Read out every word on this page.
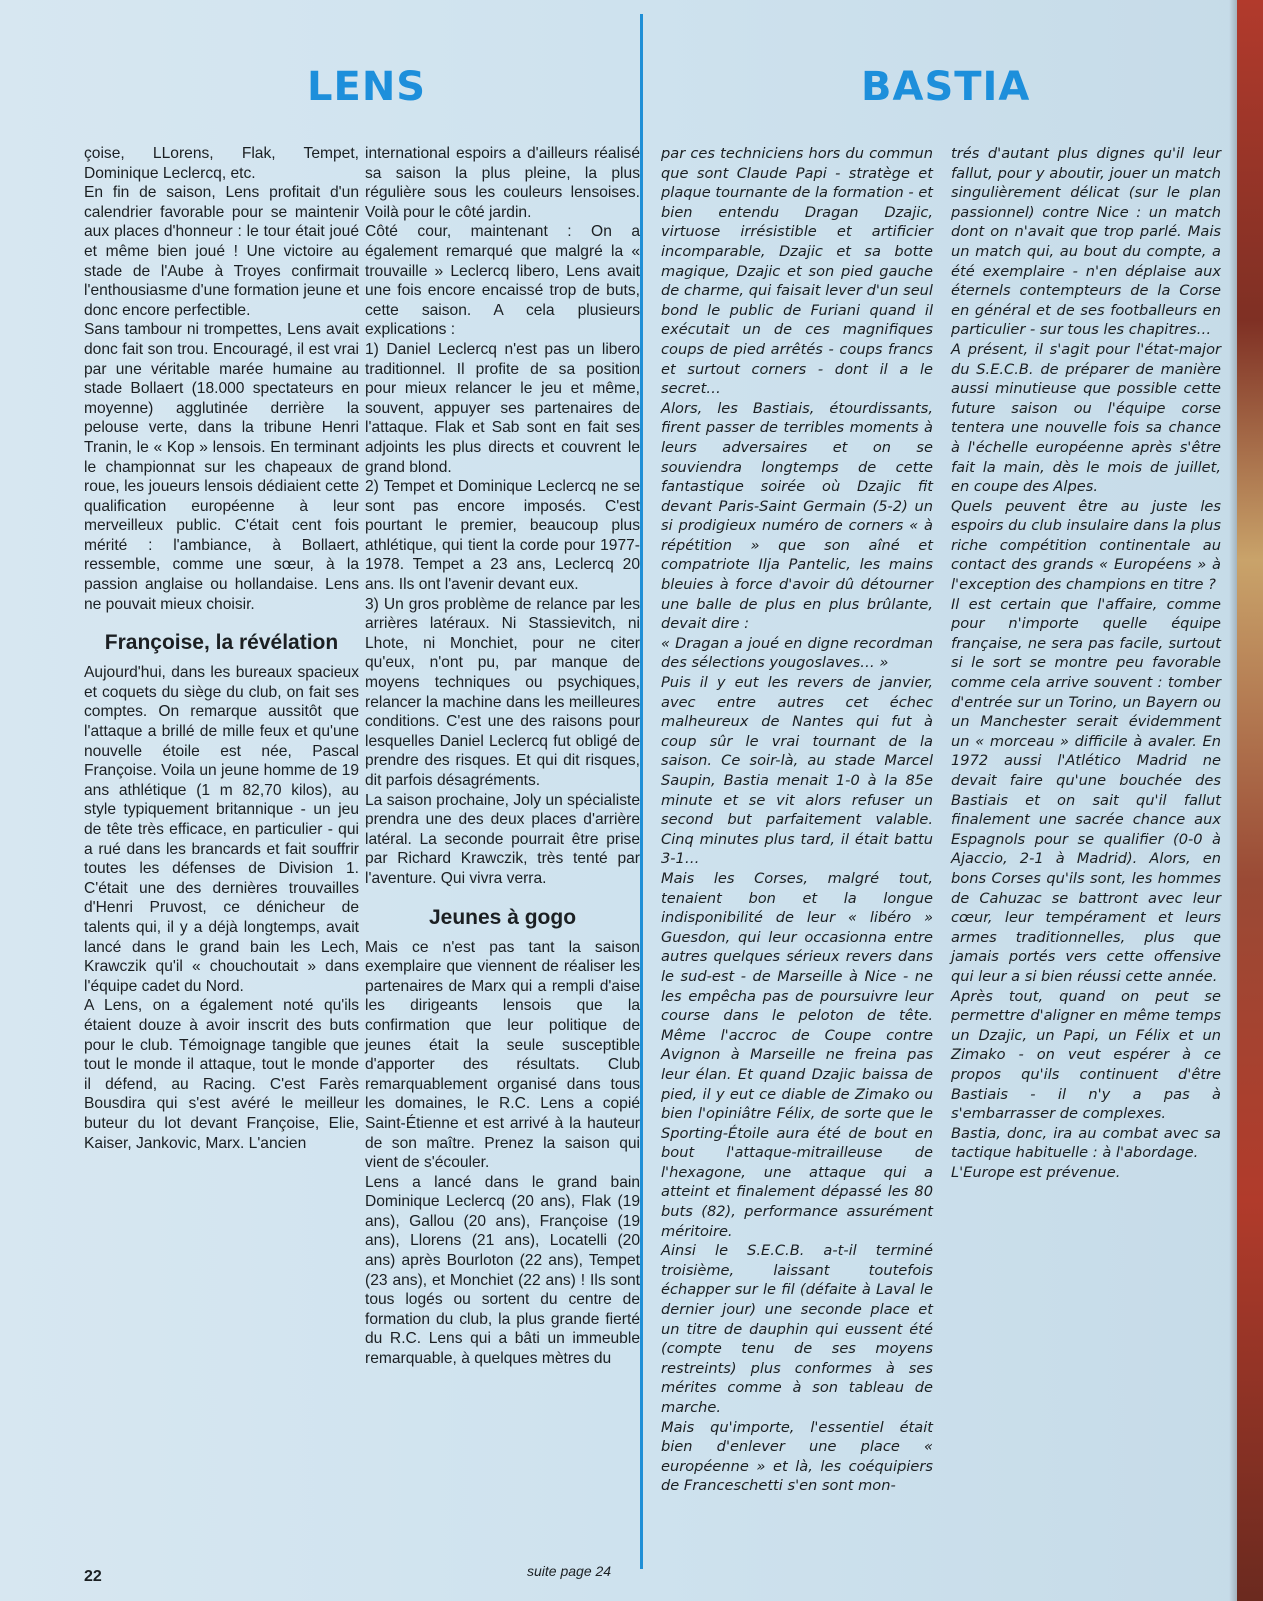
LENS	BASTIA

çoise, LLorens, Flak, Tempet, Dominique Leclercq, etc.

En fin de saison, Lens profitait d'un calendrier favorable pour se maintenir aux places d'honneur : le tour était joué et même bien joué ! Une victoire au stade de l'Aube à Troyes confirmait l'enthousiasme d'une formation jeune et donc encore perfectible.

Sans tambour ni trompettes, Lens avait donc fait son trou. Encouragé, il est vrai par une véritable marée humaine au stade Bollaert (18.000 spectateurs en moyenne) agglutinée derrière la pelouse verte, dans la tribune Henri Tranin, le « Kop » lensois. En terminant le championnat sur les chapeaux de roue, les joueurs lensois dédiaient cette qualification européenne à leur merveilleux public. C'était cent fois mérité : l'ambiance, à Bollaert, ressemble, comme une sœur, à la passion anglaise ou hollandaise. Lens ne pouvait mieux choisir.

Françoise, la révélation

Aujourd'hui, dans les bureaux spacieux et coquets du siège du club, on fait ses comptes. On remarque aussitôt que l'attaque a brillé de mille feux et qu'une nouvelle étoile est née, Pascal Françoise. Voila un jeune homme de 19 ans athlétique (1 m 82,70 kilos), au style typiquement britannique - un jeu de tête très efficace, en particulier - qui a rué dans les brancards et fait souffrir toutes les défenses de Division 1. C'était une des dernières trouvailles d'Henri Pruvost, ce dénicheur de talents qui, il y a déjà longtemps, avait lancé dans le grand bain les Lech, Krawczik qu'il « chouchoutait » dans l'équipe cadet du Nord.

A Lens, on a également noté qu'ils étaient douze à avoir inscrit des buts pour le club. Témoignage tangible que tout le monde il attaque, tout le monde il défend, au Racing. C'est Farès Bousdira qui s'est avéré le meilleur buteur du lot devant Françoise, Elie, Kaiser, Jankovic, Marx. L'ancien

international espoirs a d'ailleurs réalisé sa saison la plus pleine, la plus régulière sous les couleurs lensoises. Voilà pour le côté jardin.

Côté cour, maintenant : On a également remarqué que malgré la « trouvaille » Leclercq libero, Lens avait une fois encore encaissé trop de buts, cette saison. A cela plusieurs explications :

1) Daniel Leclercq n'est pas un libero traditionnel. Il profite de sa position pour mieux relancer le jeu et même, souvent, appuyer ses partenaires de l'attaque. Flak et Sab sont en fait ses adjoints les plus directs et couvrent le grand blond.

2) Tempet et Dominique Leclercq ne se sont pas encore imposés. C'est pourtant le premier, beaucoup plus athlétique, qui tient la corde pour 1977-1978. Tempet a 23 ans, Leclercq 20 ans. Ils ont l'avenir devant eux.

3) Un gros problème de relance par les arrières latéraux. Ni Stassievitch, ni Lhote, ni Monchiet, pour ne citer qu'eux, n'ont pu, par manque de moyens techniques ou psychiques, relancer la machine dans les meilleures conditions. C'est une des raisons pour lesquelles Daniel Leclercq fut obligé de prendre des risques. Et qui dit risques, dit parfois désagréments.

La saison prochaine, Joly un spécialiste prendra une des deux places d'arrière latéral. La seconde pourrait être prise par Richard Krawczik, très tenté par l'aventure. Qui vivra verra.

Jeunes à gogo

Mais ce n'est pas tant la saison exemplaire que viennent de réaliser les partenaires de Marx qui a rempli d'aise les dirigeants lensois que la confirmation que leur politique de jeunes était la seule susceptible d'apporter des résultats. Club remarquablement organisé dans tous les domaines, le R.C. Lens a copié Saint-Étienne et est arrivé à la hauteur de son maître. Prenez la saison qui vient de s'écouler.

Lens a lancé dans le grand bain Dominique Leclercq (20 ans), Flak (19 ans), Gallou (20 ans), Françoise (19 ans), Llorens (21 ans), Locatelli (20 ans) après Bourloton (22 ans), Tempet (23 ans), et Monchiet (22 ans) ! Ils sont tous logés ou sortent du centre de formation du club, la plus grande fierté du R.C. Lens qui a bâti un immeuble remarquable, à quelques mètres du

par ces techniciens hors du commun que sont Claude Papi - stratège et plaque tournante de la formation - et bien entendu Dragan Dzajic, virtuose irrésistible et artificier incomparable, Dzajic et sa botte magique, Dzajic et son pied gauche de charme, qui faisait lever d'un seul bond le public de Furiani quand il exécutait un de ces magnifiques coups de pied arrêtés - coups francs et surtout corners - dont il a le secret…

Alors, les Bastiais, étourdissants, firent passer de terribles moments à leurs adversaires et on se souviendra longtemps de cette fantastique soirée où Dzajic fit devant Paris-Saint Germain (5-2) un si prodigieux numéro de corners « à répétition » que son aîné et compatriote Ilja Pantelic, les mains bleuies à force d'avoir dû détourner une balle de plus en plus brûlante, devait dire :

« Dragan a joué en digne recordman des sélections yougoslaves… »

Puis il y eut les revers de janvier, avec entre autres cet échec malheureux de Nantes qui fut à coup sûr le vrai tournant de la saison. Ce soir-là, au stade Marcel Saupin, Bastia menait 1-0 à la 85e minute et se vit alors refuser un second but parfaitement valable. Cinq minutes plus tard, il était battu 3-1…

Mais les Corses, malgré tout, tenaient bon et la longue indisponibilité de leur « libéro » Guesdon, qui leur occasionna entre autres quelques sérieux revers dans le sud-est - de Marseille à Nice - ne les empêcha pas de poursuivre leur course dans le peloton de tête. Même l'accroc de Coupe contre Avignon à Marseille ne freina pas leur élan. Et quand Dzajic baissa de pied, il y eut ce diable de Zimako ou bien l'opiniâtre Félix, de sorte que le Sporting-Étoile aura été de bout en bout l'attaque-mitrailleuse de l'hexagone, une attaque qui a atteint et finalement dépassé les 80 buts (82), performance assurément méritoire.

Ainsi le S.E.C.B. a-t-il terminé troisième, laissant toutefois échapper sur le fil (défaite à Laval le dernier jour) une seconde place et un titre de dauphin qui eussent été (compte tenu de ses moyens restreints) plus conformes à ses mérites comme à son tableau de marche.

Mais qu'importe, l'essentiel était bien d'enlever une place « européenne » et là, les coéquipiers de Franceschetti s'en sont mon-

trés d'autant plus dignes qu'il leur fallut, pour y aboutir, jouer un match singulièrement délicat (sur le plan passionnel) contre Nice : un match dont on n'avait que trop parlé. Mais un match qui, au bout du compte, a été exemplaire - n'en déplaise aux éternels contempteurs de la Corse en général et de ses footballeurs en particulier - sur tous les chapitres…

A présent, il s'agit pour l'état-major du S.E.C.B. de préparer de manière aussi minutieuse que possible cette future saison ou l'équipe corse tentera une nouvelle fois sa chance à l'échelle européenne après s'être fait la main, dès le mois de juillet, en coupe des Alpes.

Quels peuvent être au juste les espoirs du club insulaire dans la plus riche compétition continentale au contact des grands « Européens » à l'exception des champions en titre ?

Il est certain que l'affaire, comme pour n'importe quelle équipe française, ne sera pas facile, surtout si le sort se montre peu favorable comme cela arrive souvent : tomber d'entrée sur un Torino, un Bayern ou un Manchester serait évidemment un « morceau » difficile à avaler. En 1972 aussi l'Atlético Madrid ne devait faire qu'une bouchée des Bastiais et on sait qu'il fallut finalement une sacrée chance aux Espagnols pour se qualifier (0-0 à Ajaccio, 2-1 à Madrid). Alors, en bons Corses qu'ils sont, les hommes de Cahuzac se battront avec leur cœur, leur tempérament et leurs armes traditionnelles, plus que jamais portés vers cette offensive qui leur a si bien réussi cette année.

Après tout, quand on peut se permettre d'aligner en même temps un Dzajic, un Papi, un Félix et un Zimako - on veut espérer à ce propos qu'ils continuent d'être Bastiais - il n'y a pas à s'embarrasser de complexes.

Bastia, donc, ira au combat avec sa tactique habituelle : à l'abordage.

L'Europe est prévenue.

22	suite page 24
